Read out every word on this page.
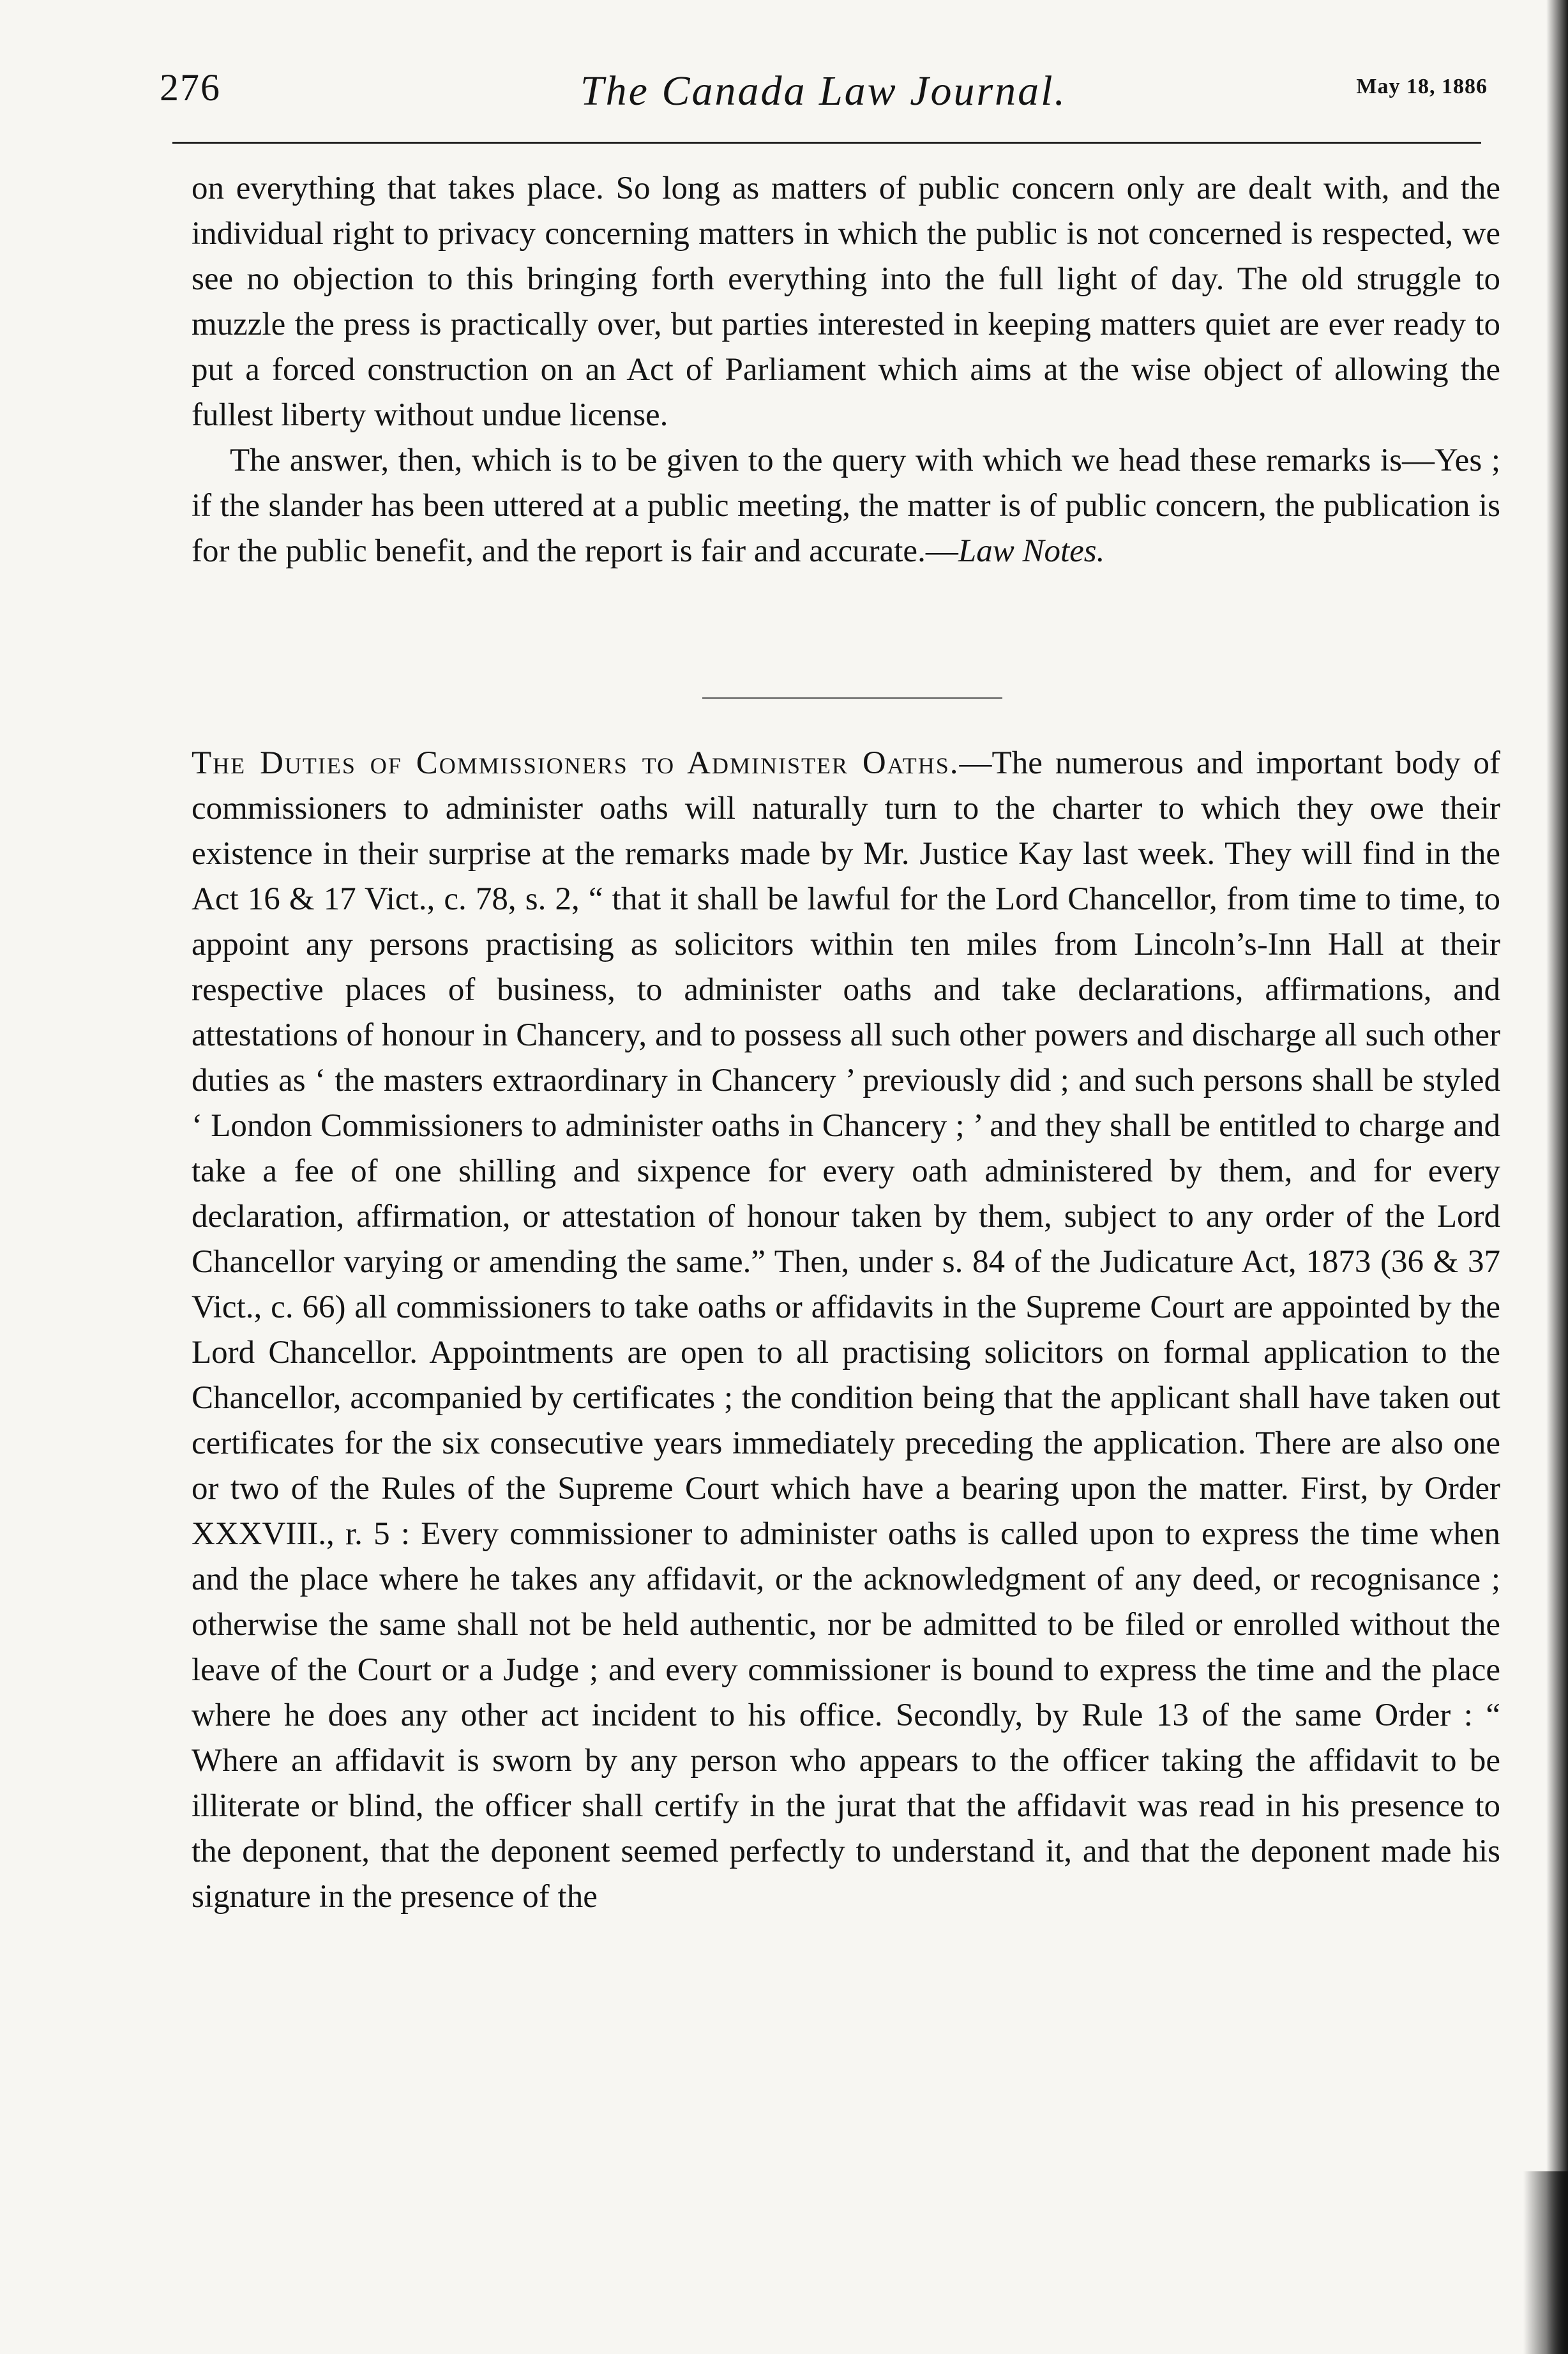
276	The Canada Law Journal.	May 18, 1886

on everything that takes place. So long as matters of public concern only are dealt with, and the individual right to privacy concerning matters in which the public is not concerned is respected, we see no objection to this bringing forth everything into the full light of day. The old struggle to muzzle the press is practically over, but parties interested in keeping matters quiet are ever ready to put a forced construction on an Act of Parliament which aims at the wise object of allowing the fullest liberty without undue license.

The answer, then, which is to be given to the query with which we head these remarks is—Yes ; if the slander has been uttered at a public meeting, the matter is of public concern, the publication is for the public benefit, and the report is fair and accurate.—Law Notes.

The Duties of Commissioners to Administer Oaths.—The numerous and important body of commissioners to administer oaths will naturally turn to the charter to which they owe their existence in their surprise at the remarks made by Mr. Justice Kay last week. They will find in the Act 16 & 17 Vict., c. 78, s. 2, “ that it shall be lawful for the Lord Chancellor, from time to time, to appoint any persons practising as solicitors within ten miles from Lincoln’s-Inn Hall at their respective places of business, to administer oaths and take declarations, affirmations, and attestations of honour in Chancery, and to possess all such other powers and discharge all such other duties as ‘ the masters extraordinary in Chancery ’ previously did ; and such persons shall be styled ‘ London Commissioners to administer oaths in Chancery ; ’ and they shall be entitled to charge and take a fee of one shilling and sixpence for every oath administered by them, and for every declaration, affirmation, or attestation of honour taken by them, subject to any order of the Lord Chancellor varying or amending the same.” Then, under s. 84 of the Judicature Act, 1873 (36 & 37 Vict., c. 66) all commissioners to take oaths or affidavits in the Supreme Court are appointed by the Lord Chancellor. Appointments are open to all practising solicitors on formal application to the Chancellor, accompanied by certificates ; the condition being that the applicant shall have taken out certificates for the six consecutive years immediately preceding the application. There are also one or two of the Rules of the Supreme Court which have a bearing upon the matter. First, by Order XXXVIII., r. 5 : Every commissioner to administer oaths is called upon to express the time when and the place where he takes any affidavit, or the acknowledgment of any deed, or recognisance ; otherwise the same shall not be held authentic, nor be admitted to be filed or enrolled without the leave of the Court or a Judge ; and every commissioner is bound to express the time and the place where he does any other act incident to his office. Secondly, by Rule 13 of the same Order : “ Where an affidavit is sworn by any person who appears to the officer taking the affidavit to be illiterate or blind, the officer shall certify in the jurat that the affidavit was read in his presence to the deponent, that the deponent seemed perfectly to understand it, and that the deponent made his signature in the presence of the
